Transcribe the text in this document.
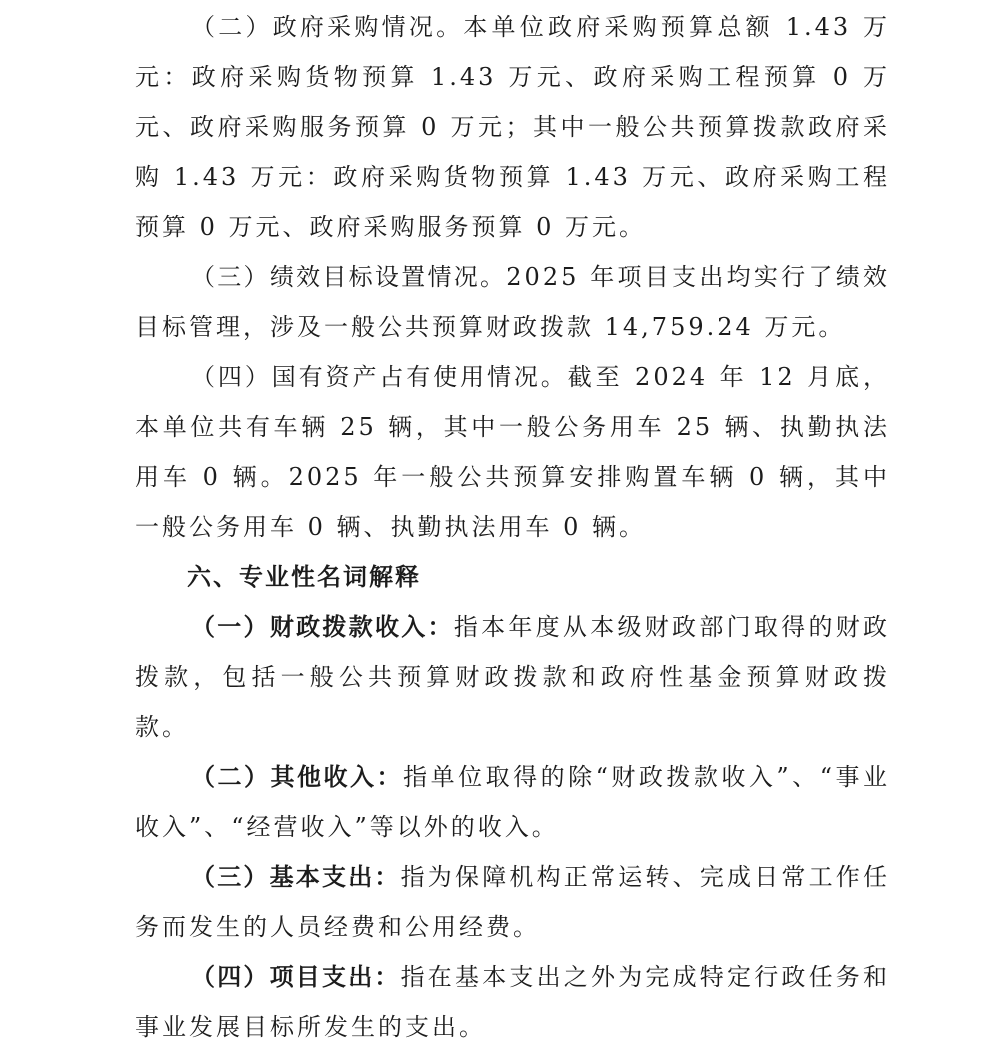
（二）政府采购情况。本单位政府采购预算总额 1.43 万元：政府采购货物预算 1.43 万元、政府采购工程预算 0 万元、政府采购服务预算 0 万元；其中一般公共预算拨款政府采购 1.43 万元：政府采购货物预算 1.43 万元、政府采购工程预算 0 万元、政府采购服务预算 0 万元。

（三）绩效目标设置情况。2025 年项目支出均实行了绩效目标管理，涉及一般公共预算财政拨款 14,759.24 万元。

（四）国有资产占有使用情况。截至 2024 年 12 月底，本单位共有车辆 25 辆，其中一般公务用车 25 辆、执勤执法用车 0 辆。2025 年一般公共预算安排购置车辆 0 辆，其中一般公务用车 0 辆、执勤执法用车 0 辆。

六、专业性名词解释

（一）财政拨款收入：指本年度从本级财政部门取得的财政拨款，包括一般公共预算财政拨款和政府性基金预算财政拨款。

（二）其他收入：指单位取得的除“财政拨款收入”、“事业收入”、“经营收入”等以外的收入。

（三）基本支出：指为保障机构正常运转、完成日常工作任务而发生的人员经费和公用经费。

（四）项目支出：指在基本支出之外为完成特定行政任务和事业发展目标所发生的支出。
